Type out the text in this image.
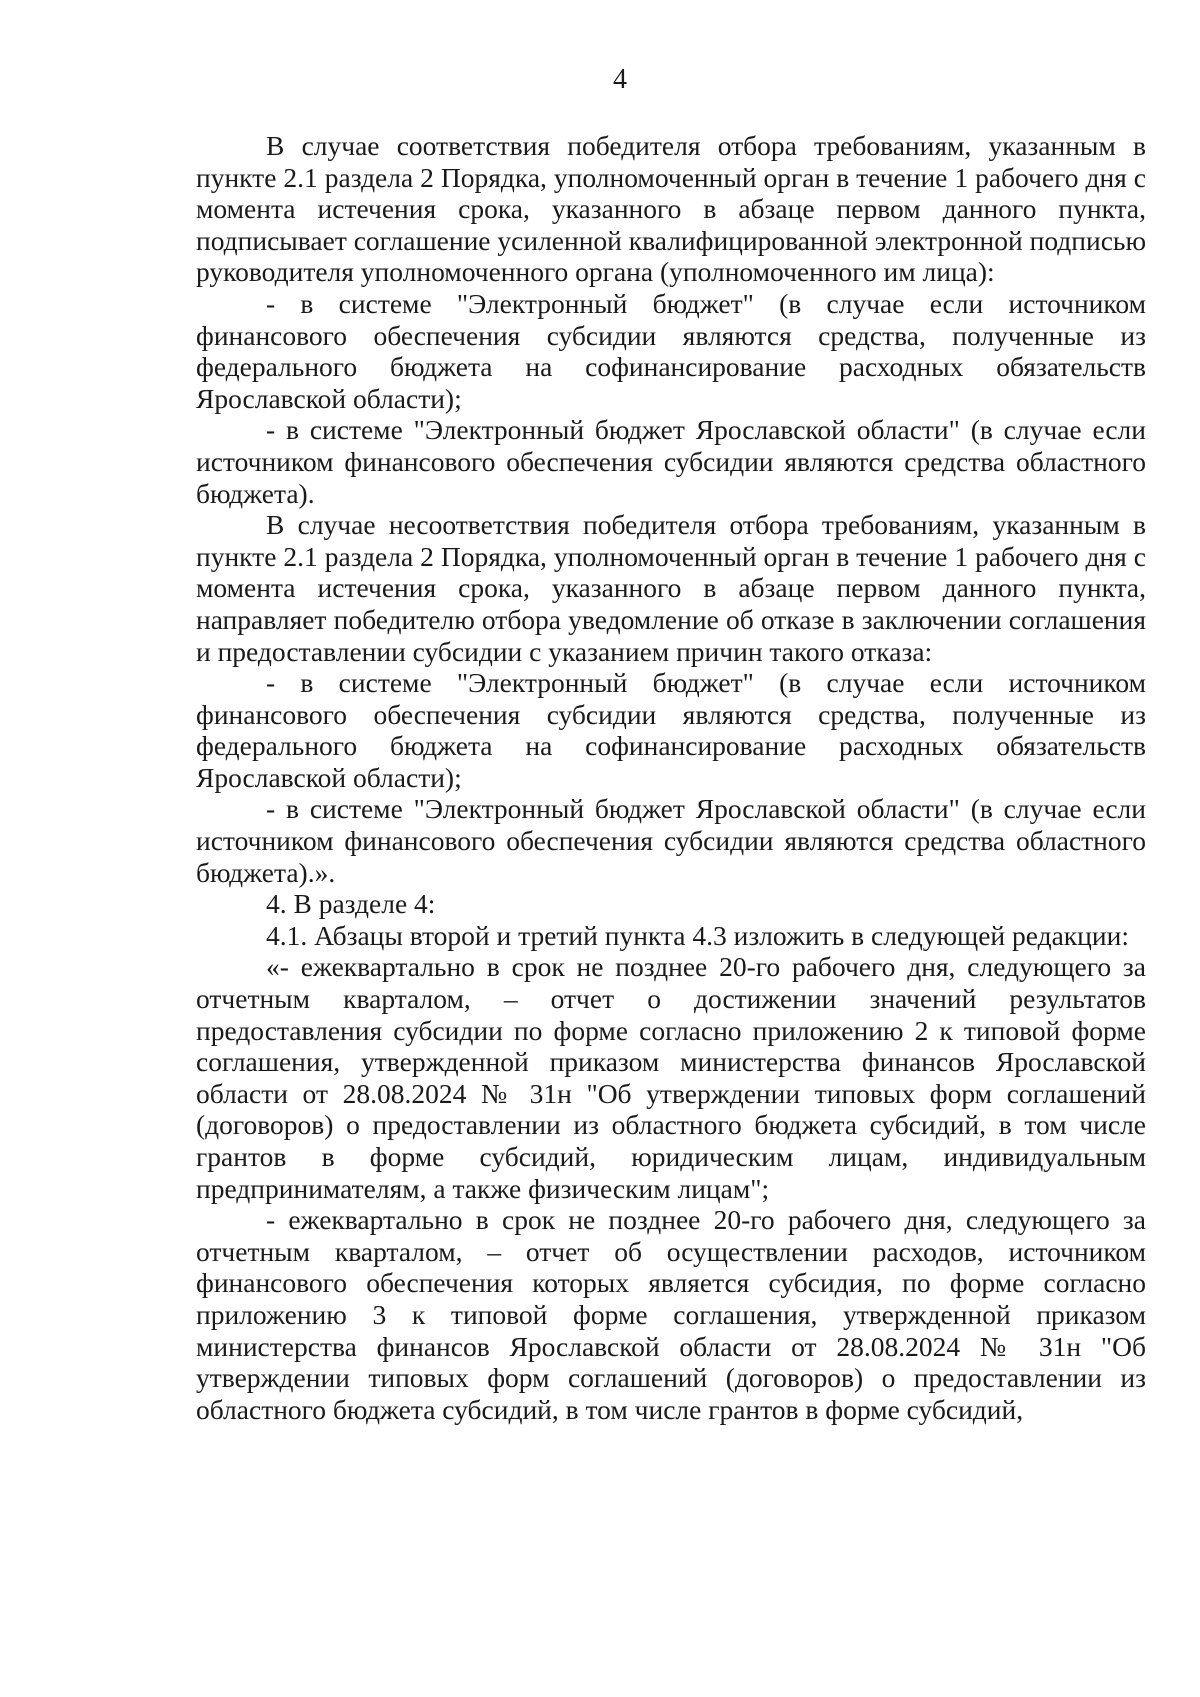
4

В случае соответствия победителя отбора требованиям, указанным в пункте 2.1 раздела 2 Порядка, уполномоченный орган в течение 1 рабочего дня с момента истечения срока, указанного в абзаце первом данного пункта, подписывает соглашение усиленной квалифицированной электронной подписью руководителя уполномоченного органа (уполномоченного им лица):

- в системе "Электронный бюджет" (в случае если источником финансового обеспечения субсидии являются средства, полученные из федерального бюджета на софинансирование расходных обязательств Ярославской области);

- в системе "Электронный бюджет Ярославской области" (в случае если источником финансового обеспечения субсидии являются средства областного бюджета).

В случае несоответствия победителя отбора требованиям, указанным в пункте 2.1 раздела 2 Порядка, уполномоченный орган в течение 1 рабочего дня с момента истечения срока, указанного в абзаце первом данного пункта, направляет победителю отбора уведомление об отказе в заключении соглашения и предоставлении субсидии с указанием причин такого отказа:

- в системе "Электронный бюджет" (в случае если источником финансового обеспечения субсидии являются средства, полученные из федерального бюджета на софинансирование расходных обязательств Ярославской области);

- в системе "Электронный бюджет Ярославской области" (в случае если источником финансового обеспечения субсидии являются средства областного бюджета).».

4. В разделе 4:

4.1. Абзацы второй и третий пункта 4.3 изложить в следующей редакции:

«- ежеквартально в срок не позднее 20-го рабочего дня, следующего за отчетным кварталом, – отчет о достижении значений результатов предоставления субсидии по форме согласно приложению 2 к типовой форме соглашения, утвержденной приказом министерства финансов Ярославской области от 28.08.2024 № 31н "Об утверждении типовых форм соглашений (договоров) о предоставлении из областного бюджета субсидий, в том числе грантов в форме субсидий, юридическим лицам, индивидуальным предпринимателям, а также физическим лицам";

- ежеквартально в срок не позднее 20-го рабочего дня, следующего за отчетным кварталом, – отчет об осуществлении расходов, источником финансового обеспечения которых является субсидия, по форме согласно приложению 3 к типовой форме соглашения, утвержденной приказом министерства финансов Ярославской области от 28.08.2024 № 31н "Об утверждении типовых форм соглашений (договоров) о предоставлении из областного бюджета субсидий, в том числе грантов в форме субсидий,
